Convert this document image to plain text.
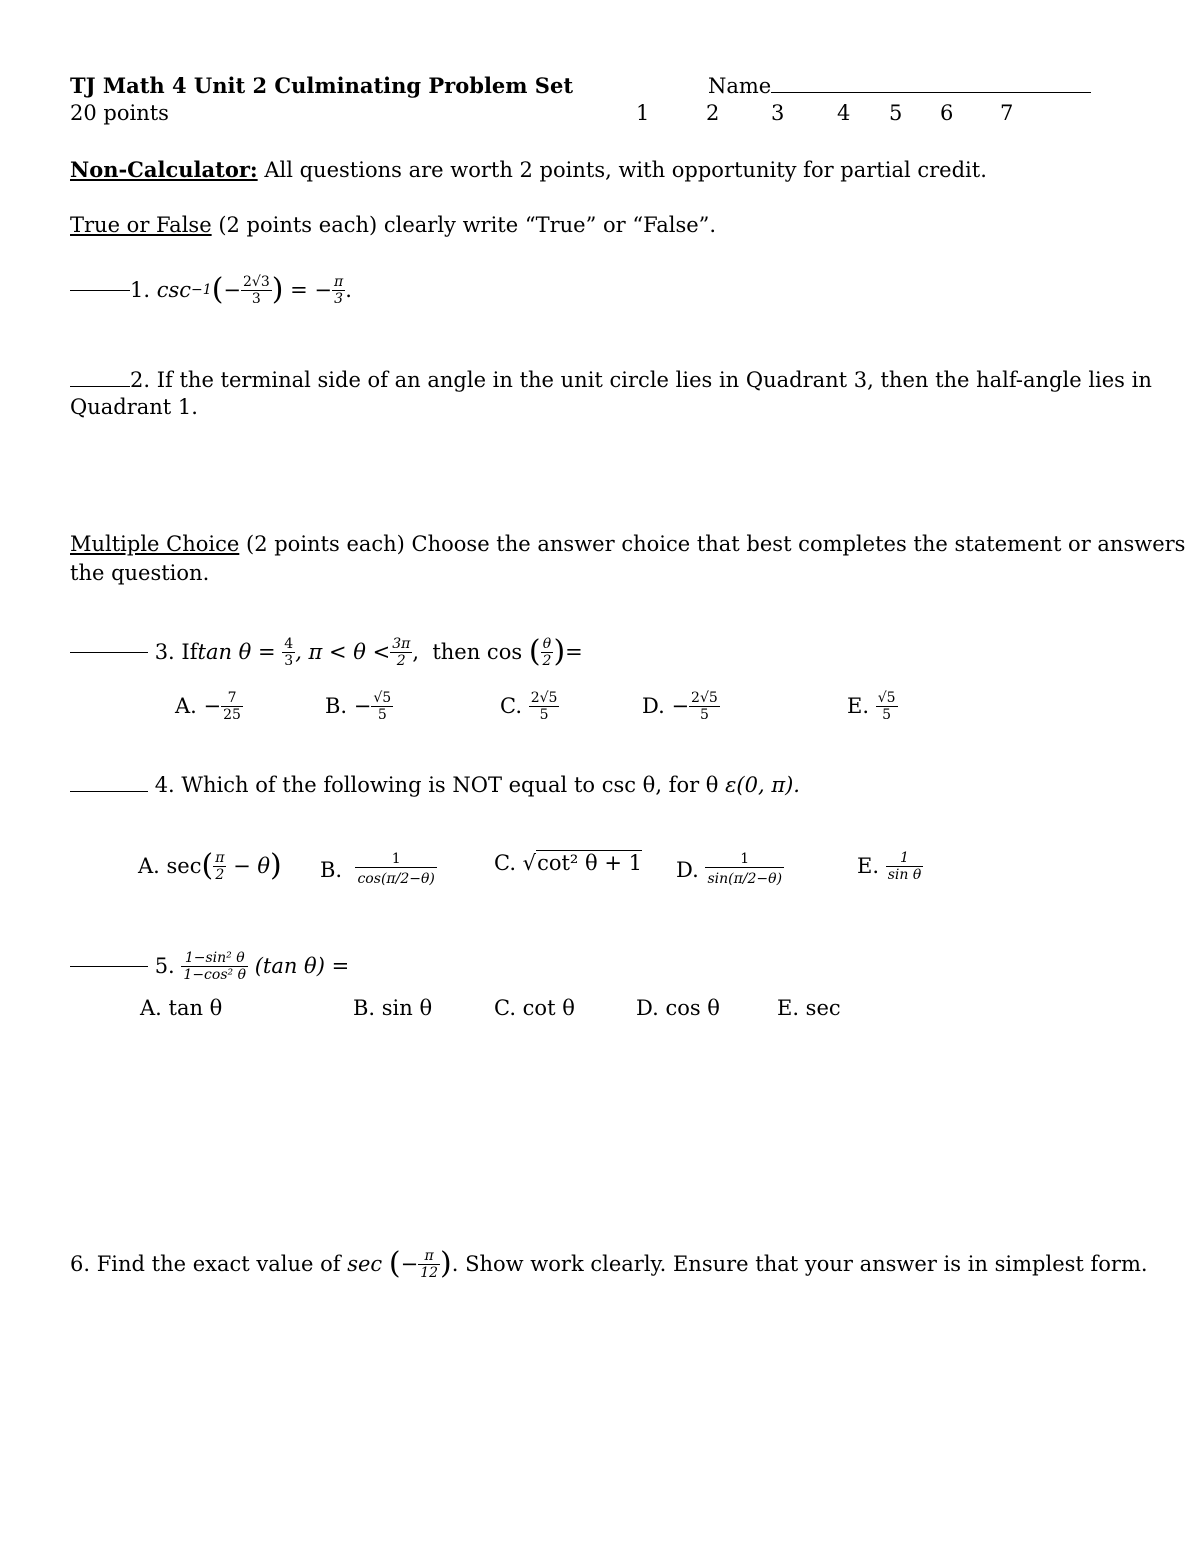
TJ Math 4 Unit 2 Culminating Problem Set	Name
20 points	1	2 3	4 5 6 7
Non-Calculator: All questions are worth 2 points, with opportunity for partial credit.
True or False (2 points each) clearly write “True” or “False”.
1.
csc −1 ( − $\frac{2√3}{3}$ ) = − $\frac{\pi}{3}$ .
2. If the terminal side of an angle in the unit circle lies in Quadrant 3, then the half-angle lies in
Quadrant 1.
Multiple Choice (2 points each) Choose the answer choice that best completes the statement or answers
the question.

3.
If $\tan \theta = \frac{4}{3}$ , $\pi < \theta < \frac{3\pi}{2}$ , then cos
( $\frac{\theta}{2}$ ) =
A. − $\frac{7}{25}$	B. − $\frac{√5}{5}$	C.
$\frac{2√5}{5}$	D. − $\frac{2√5}{5}$	E.
$\frac{√5}{5}$
4. Which of the following is NOT equal to csc θ, for θ ε(0, π).
A.
sec ( $\frac{\pi}{2} - \theta$ ) B.
$\frac{1}{\cos(\pi/2-\theta)}$	C. √cot² θ + 1 D.
$\frac{1}{\sin(\pi/2-\theta)}$	E.
$\frac{1}{\text{sin θ}}$

5.
$\frac{\text{1−sin² θ}}{\text{1−cos² θ}}$
(tan θ) =
A. tan θ	B. sin θ	C. cot θ	D. cos θ	E. sec
6. Find the exact value of
sec
( − $\frac{\pi}{12}$ ) . Show work clearly. Ensure that your answer is in simplest form.
